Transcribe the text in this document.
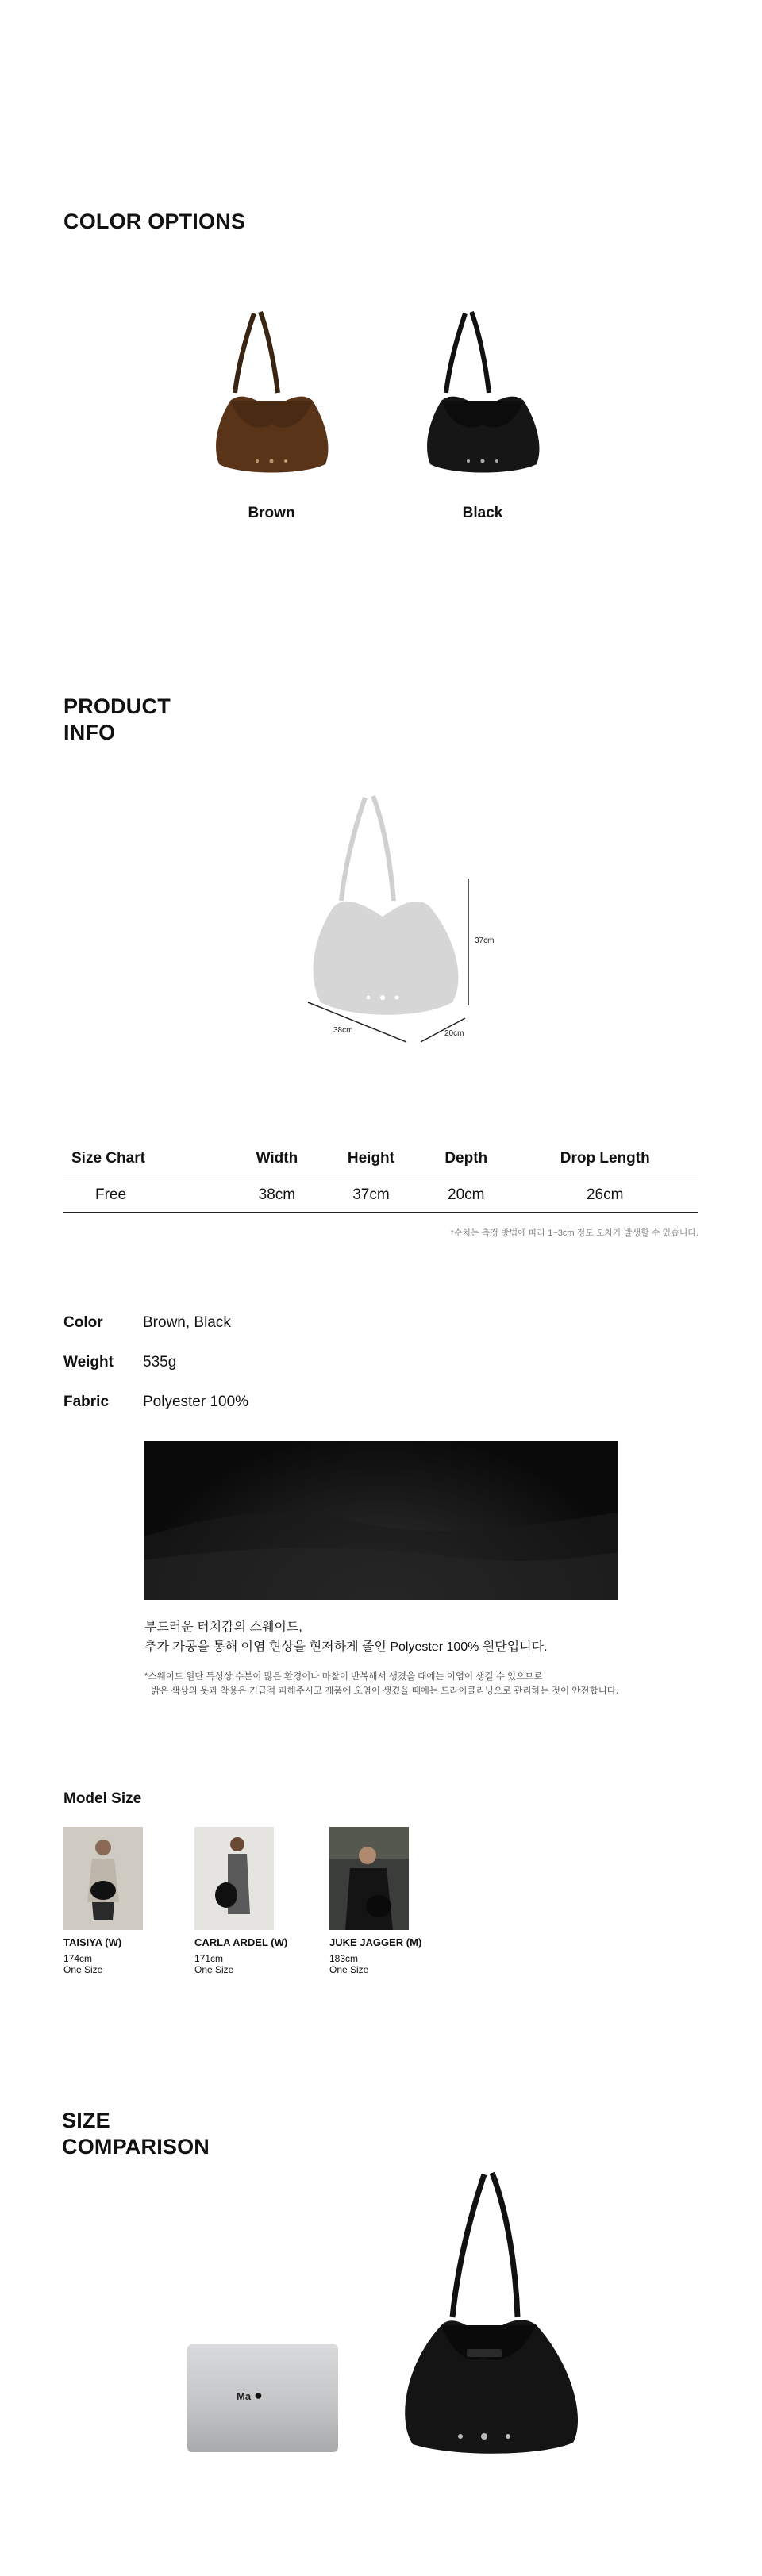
COLOR OPTIONS
Brown	Black
PRODUCT
INFO
37cm
38cm	20cm
Size Chart	Width	Height	Depth	Drop Length
Free	38cm	37cm	20cm	26cm
*수치는 측정 방법에 따라 1~3cm 정도 오차가 발생할 수 있습니다.
Color	Brown, Black
Weight 535g
Fabric Polyester 100%
부드러운 터치감의 스웨이드,
추가 가공을 통해 이염 현상을 현저하게 줄인 Polyester 100% 원단입니다.
*스웨이드 원단 특성상 수분이 많은 환경이나 마찰이 반복해서 생겼을 때에는 이염이 생길 수 있으므로
밝은 색상의 옷과 착용은 기급적 피해주시고 제품에 오염이 생겼을 때에는 드라이클리닝으로 관리하는 것이 안전합니다.
Model Size
TAISIYA (W)
174cm
One Size
CARLA ARDEL (W)
171cm
One Size
JUKE JAGGER (M)
183cm
One Size
SIZE
COMPARISON
Ma ●
